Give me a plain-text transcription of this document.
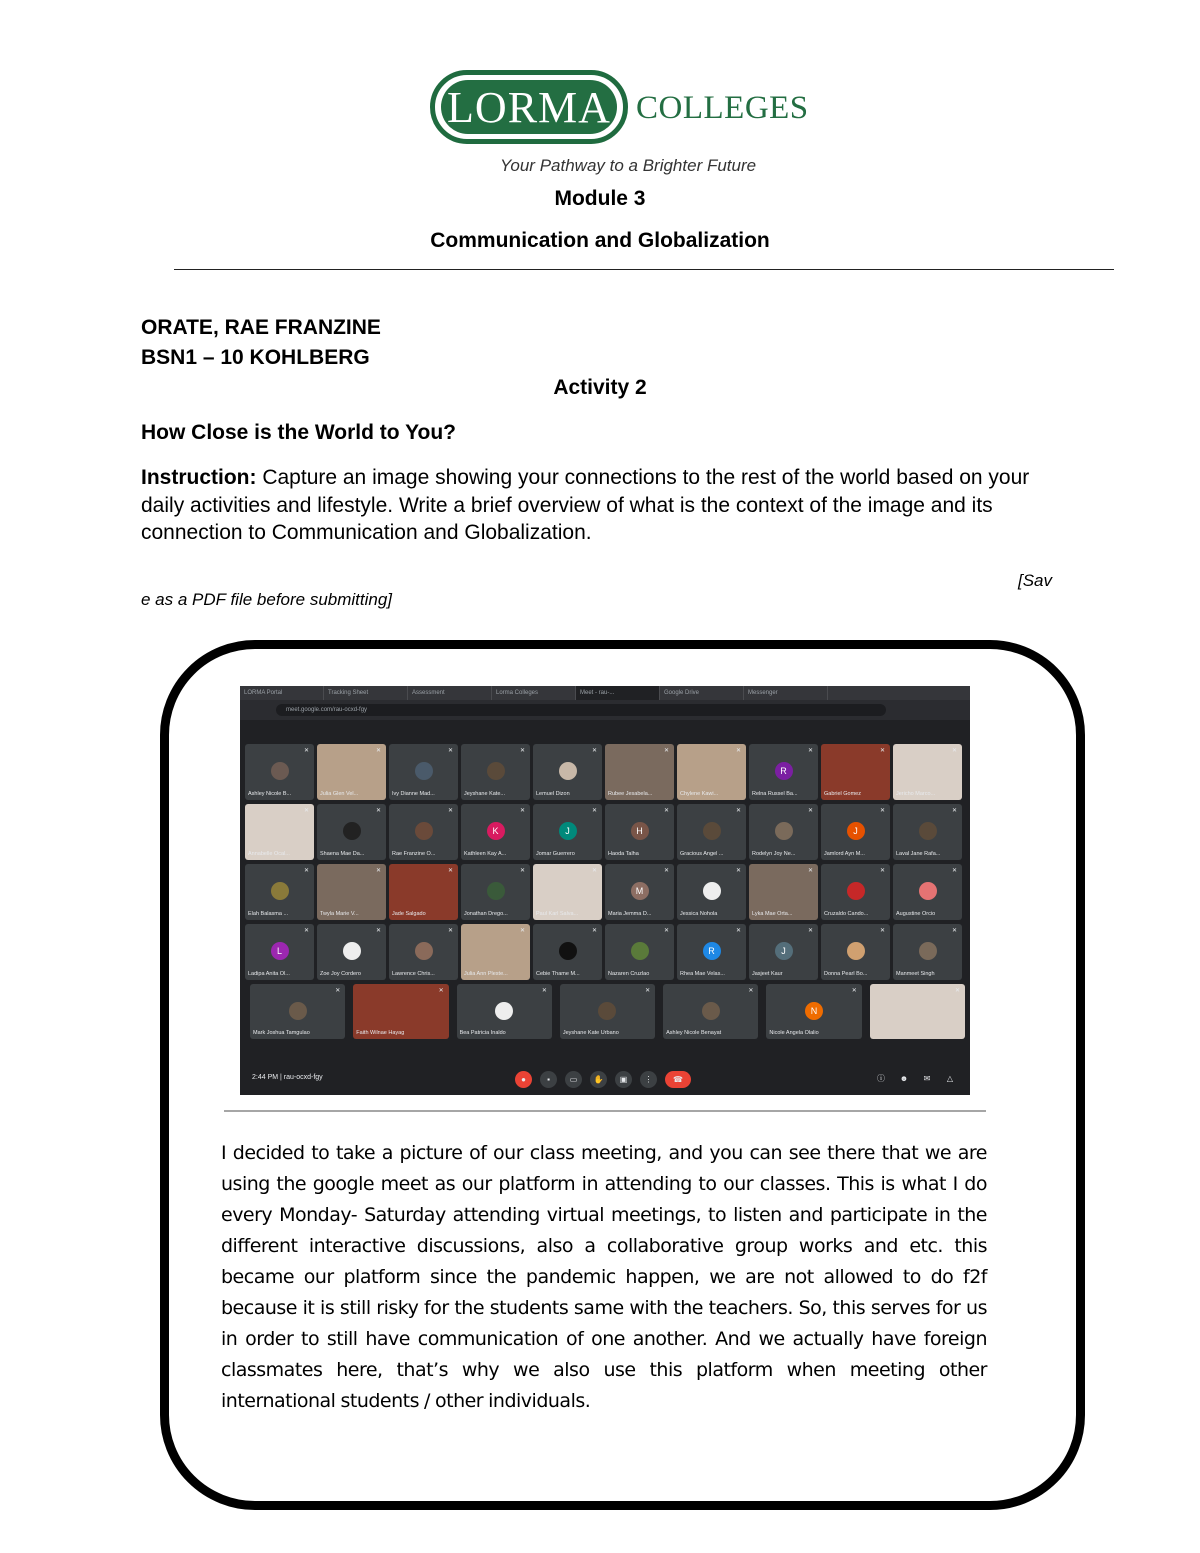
LORMA COLLEGES
Your Pathway to a Brighter Future
Module 3
Communication and Globalization
ORATE, RAE FRANZINE
BSN1 – 10 KOHLBERG
Activity 2
How Close is the World to You?
Instruction: Capture an image showing your connections to the rest of the world based on your daily activities and lifestyle. Write a brief overview of what is the context of the image and its connection to Communication and Globalization.
[Sav
e as a PDF file before submitting]
LORMA Portal	Tracking Sheet	Assessment	Lorma Colleges	Meet - rau-...	Google Drive	Messenger
meet.google.com/rau-ocxd-fgy
✕
Ashley Nicole B...
✕
Julia Glen Vel...
✕
Ivy Dianne Mad...
✕
Jeyshane Kate...
✕
Lemuel Dizon
✕
Rubee Jesabela...
✕
Chylene Kawi...
R
✕
Relna Russel Ba...
✕
Gabriel Gomez
✕
Jericho Marco...
✕
Annabelle Ocal...
✕
Shaena Mae Da...
✕
Rae Franzine O...
K
✕
Kathleen Kay A...
J
✕
Jomar Guerrero
H
✕
Haoda Talha
✕
Gracious Angel ...
✕
Rodelyn Joy Ne...
J
✕
Jamlord Ayn M...
✕
Laval Jane Rafa...
✕
Elah Balasma ...
✕
Twyla Marie V...
✕
Jade Salgado
✕
Jonathan Drego...
✕
Paul Karl Salva...
M
✕
Maria Jemma D...
✕
Jessica Nohola
✕
Lyka Mae Orta...
✕
Cruzaldo Cando...
✕
Augustine Orcio
L
✕
Ladipa Anita Ol...
✕
Zoe Joy Cordero
✕
Lawrence Chris...
✕
Julia Ann Pleste...
✕
Cebie Thame M...
✕
Nazaren Cruzlao
R
✕
Rhea Mae Velas...
J
✕
Jasjeet Kaur
✕
Donna Pearl Bo...
✕
Manmeet Singh
✕
Mark Joshua Tamgulao
✕
Faith Wilnae Hayag
✕
Bea Patricia Inaldo
✕
Jeyshane Kate Urbano
✕
Ashley Nicole Benayat
N
✕
Nicole Angela Olalio
✕
2:44 PM | rau-ocxd-fgy	●	▪	▭	✋	▣	⋮	☎	ⓘ ☻	✉	△
I decided to take a picture of our class meeting, and you can see there that we are using the google meet as our platform in attending to our classes. This is what I do every Monday- Saturday attending virtual meetings, to listen and participate in the different interactive discussions, also a collaborative group works and etc. this became our platform since the pandemic happen, we are not allowed to do f2f because it is still risky for the students same with the teachers. So, this serves for us in order to still have communication of one another. And we actually have foreign classmates here, that’s why we also use this platform when meeting other international students / other individuals.
